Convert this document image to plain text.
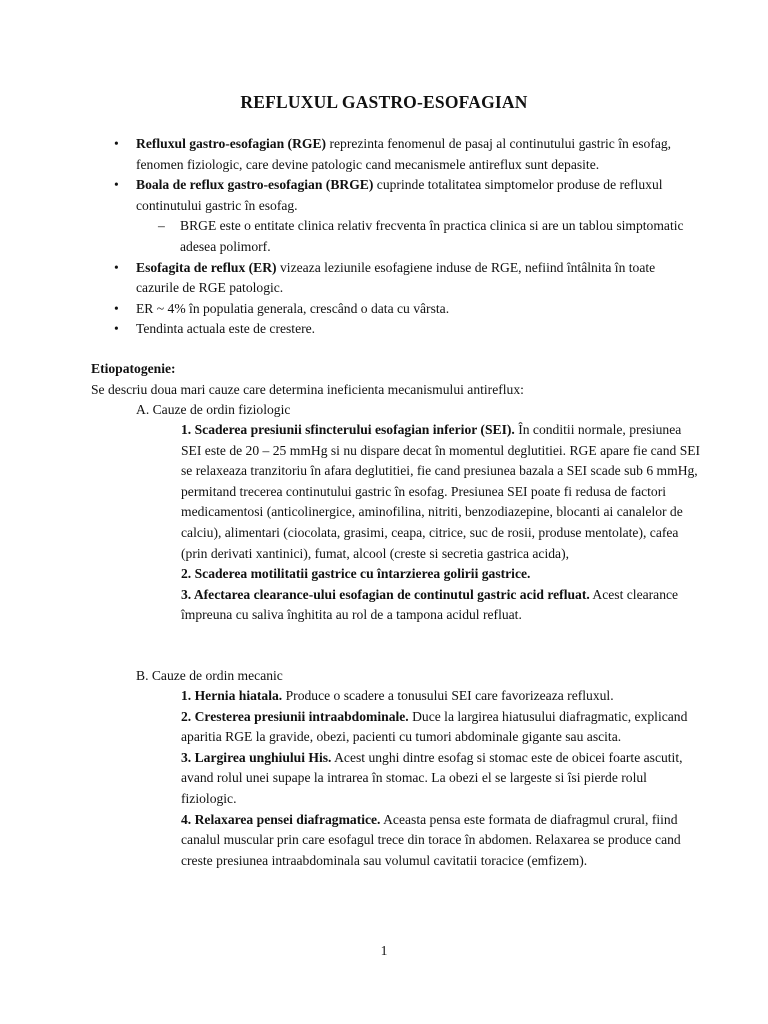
REFLUXUL GASTRO-ESOFAGIAN
• Refluxul gastro-esofagian (RGE) reprezinta fenomenul de pasaj al continutului gastric în esofag, fenomen fiziologic, care devine patologic cand mecanismele antireflux sunt depasite.
• Boala de reflux gastro-esofagian (BRGE) cuprinde totalitatea simptomelor produse de refluxul continutului gastric în esofag.
– BRGE este o entitate clinica relativ frecventa în practica clinica si are un tablou simptomatic adesea polimorf.
• Esofagita de reflux (ER) vizeaza leziunile esofagiene induse de RGE, nefiind întâlnita în toate cazurile de RGE patologic.
• ER ~ 4% în populatia generala, crescând o data cu vârsta.
• Tendinta actuala este de crestere.
Etiopatogenie:
Se descriu doua mari cauze care determina ineficienta mecanismului antireflux:
A. Cauze de ordin fiziologic
1. Scaderea presiunii sfincterului esofagian inferior (SEI). În conditii normale, presiunea SEI este de 20 – 25 mmHg si nu dispare decat în momentul deglutitiei. RGE apare fie cand SEI se relaxeaza tranzitoriu în afara deglutitiei, fie cand presiunea bazala a SEI scade sub 6 mmHg, permitand trecerea continutului gastric în esofag. Presiunea SEI poate fi redusa de factori medicamentosi (anticolinergice, aminofilina, nitriti, benzodiazepine, blocanti ai canalelor de calciu), alimentari (ciocolata, grasimi, ceapa, citrice, suc de rosii, produse mentolate), cafea (prin derivati xantinici), fumat, alcool (creste si secretia gastrica acida),
2. Scaderea motilitatii gastrice cu întarzierea golirii gastrice.
3. Afectarea clearance-ului esofagian de continutul gastric acid refluat. Acest clearance împreuna cu saliva înghitita au rol de a tampona acidul refluat.
B. Cauze de ordin mecanic
1. Hernia hiatala. Produce o scadere a tonusului SEI care favorizeaza refluxul.
2. Cresterea presiunii intraabdominale. Duce la largirea hiatusului diafragmatic, explicand aparitia RGE la gravide, obezi, pacienti cu tumori abdominale gigante sau ascita.
3. Largirea unghiului His. Acest unghi dintre esofag si stomac este de obicei foarte ascutit, avand rolul unei supape la intrarea în stomac. La obezi el se largeste si îsi pierde rolul fiziologic.
4. Relaxarea pensei diafragmatice. Aceasta pensa este formata de diafragmul crural, fiind canalul muscular prin care esofagul trece din torace în abdomen. Relaxarea se produce cand creste presiunea intraabdominala sau volumul cavitatii toracice (emfizem).
1
